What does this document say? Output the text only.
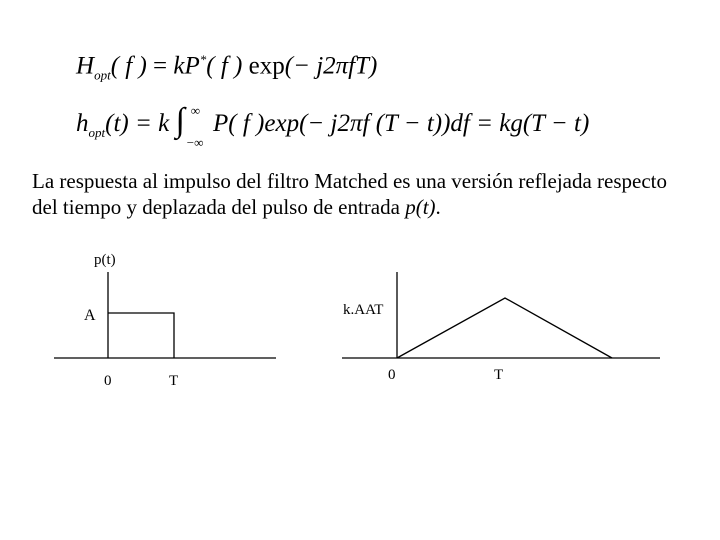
$H_{opt}$( f ) = kP*( f ) exp(− j2πfT)
$h_{opt}(t) = k$ ∫ ∞
−∞
P( f )exp(− j2πf (T − t))df = kg(T − t)
La respuesta al impulso del filtro Matched es una versión reflejada respecto del tiempo y deplazada del pulso de entrada p(t).
p(t)
A
0	T
k.AAT
0	T
